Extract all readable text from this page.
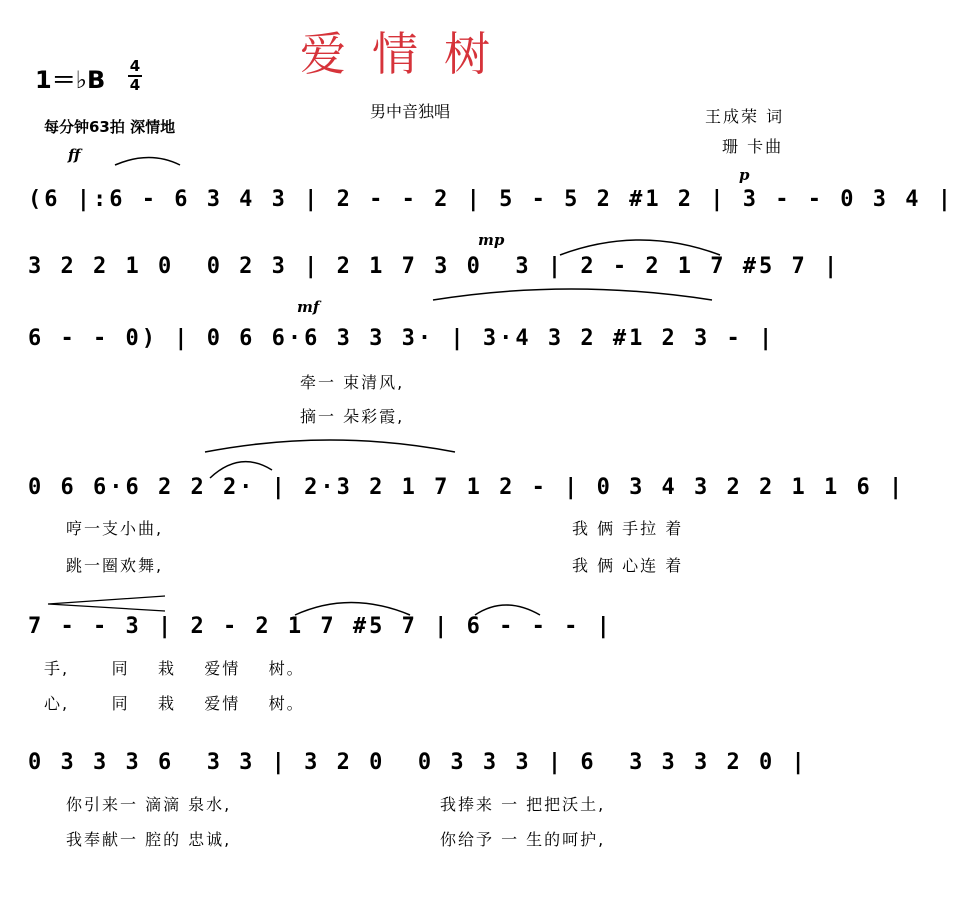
爱情树
1＝♭B 4
4
每分钟63拍 深情地
男中音独唱	王成荣 词
珊 卡曲
ff
p
mp
mf
(6 |:6 - 6 3 4 3 | 2 - - 2 | 5 - 5 2 #1 2 | 3 - - 0 3 4 |
3 2 2 1 0  0 2 3 | 2 1 7 3 0  3 | 2 - 2 1 7 #5 7 |
6 - - 0) | 0 6 6·6 3 3 3· | 3·4 3 2 #1 2 3 - |
0 6 6·6 2 2 2· | 2·3 2 1 7 1 2 - | 0 3 4 3 2 2 1 1 6 |
7 - - 3 | 2 - 2 1 7 #5 7 | 6 - - - |
0 3 3 3 6  3 3 | 3 2 0  0 3 3 3 | 6  3 3 3 2 0 |
牵一 束清风,
摘一 朵彩霞,
哼一支小曲,	我 俩 手拉 着
跳一圈欢舞,	我 俩 心连 着
手,      同    栽    爱情    树。
心,      同    栽    爱情    树。
你引来一 滴滴 泉水,	我捧来 一 把把沃土,
我奉献一 腔的 忠诚,	你给予 一 生的呵护,
